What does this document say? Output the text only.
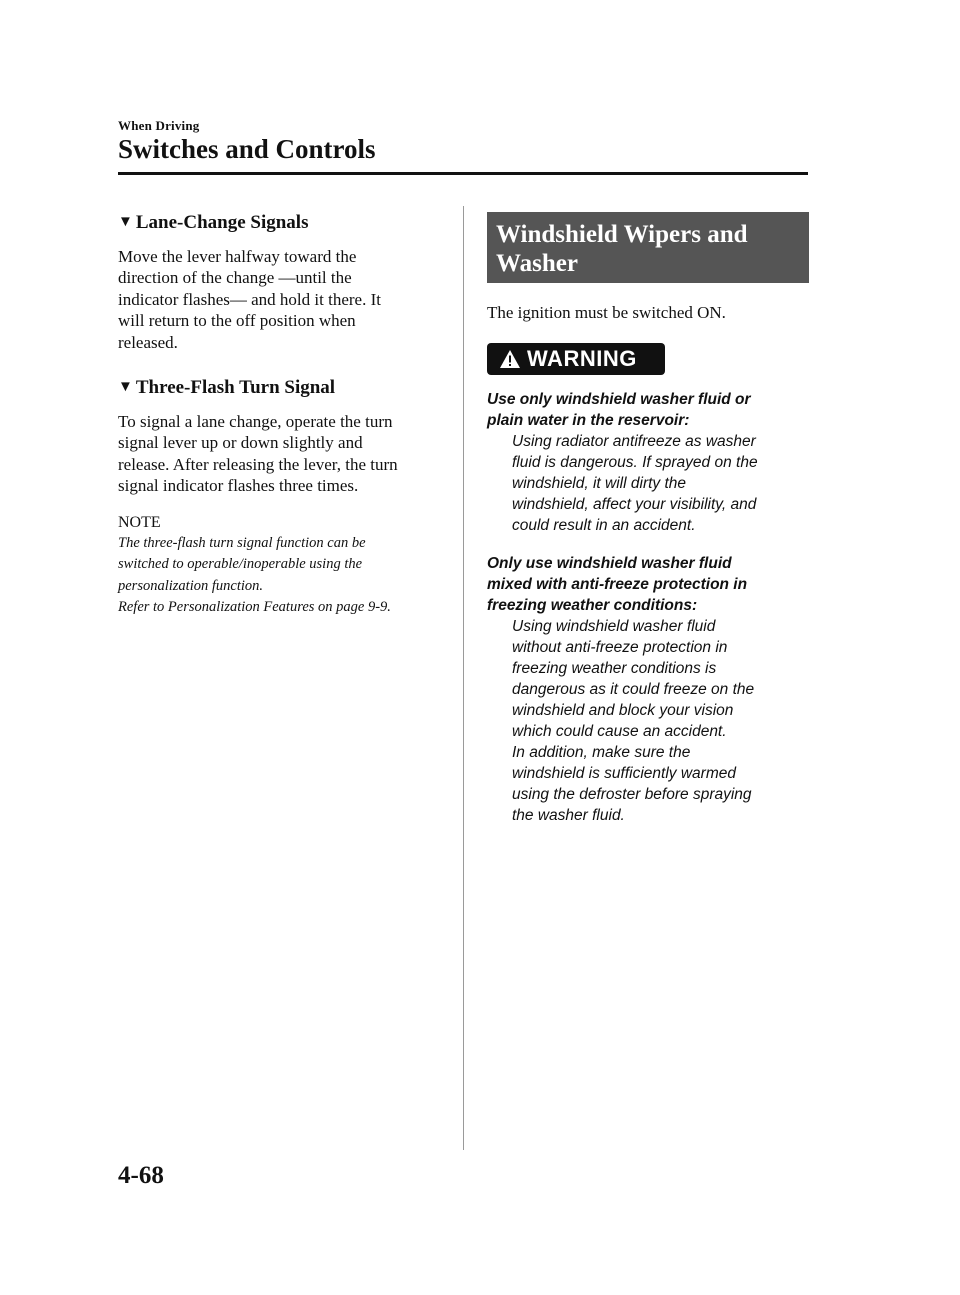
When Driving
Switches and Controls
▼ Lane-Change Signals

Move the lever halfway toward the
direction of the change ―until the
indicator flashes― and hold it there. It
will return to the off position when
released.

▼ Three-Flash Turn Signal

To signal a lane change, operate the turn
signal lever up or down slightly and
release. After releasing the lever, the turn
signal indicator flashes three times.

NOTE
The three-flash turn signal function can be
switched to operable/inoperable using the
personalization function.
Refer to Personalization Features on page 9-9.
Windshield Wipers and
Washer
The ignition must be switched ON.
WARNING
Use only windshield washer fluid or
plain water in the reservoir:
Using radiator antifreeze as washer
fluid is dangerous. If sprayed on the
windshield, it will dirty the
windshield, affect your visibility, and
could result in an accident.
Only use windshield washer fluid
mixed with anti-freeze protection in
freezing weather conditions:
Using windshield washer fluid
without anti-freeze protection in
freezing weather conditions is
dangerous as it could freeze on the
windshield and block your vision
which could cause an accident.
In addition, make sure the
windshield is sufficiently warmed
using the defroster before spraying
the washer fluid.
4-68
